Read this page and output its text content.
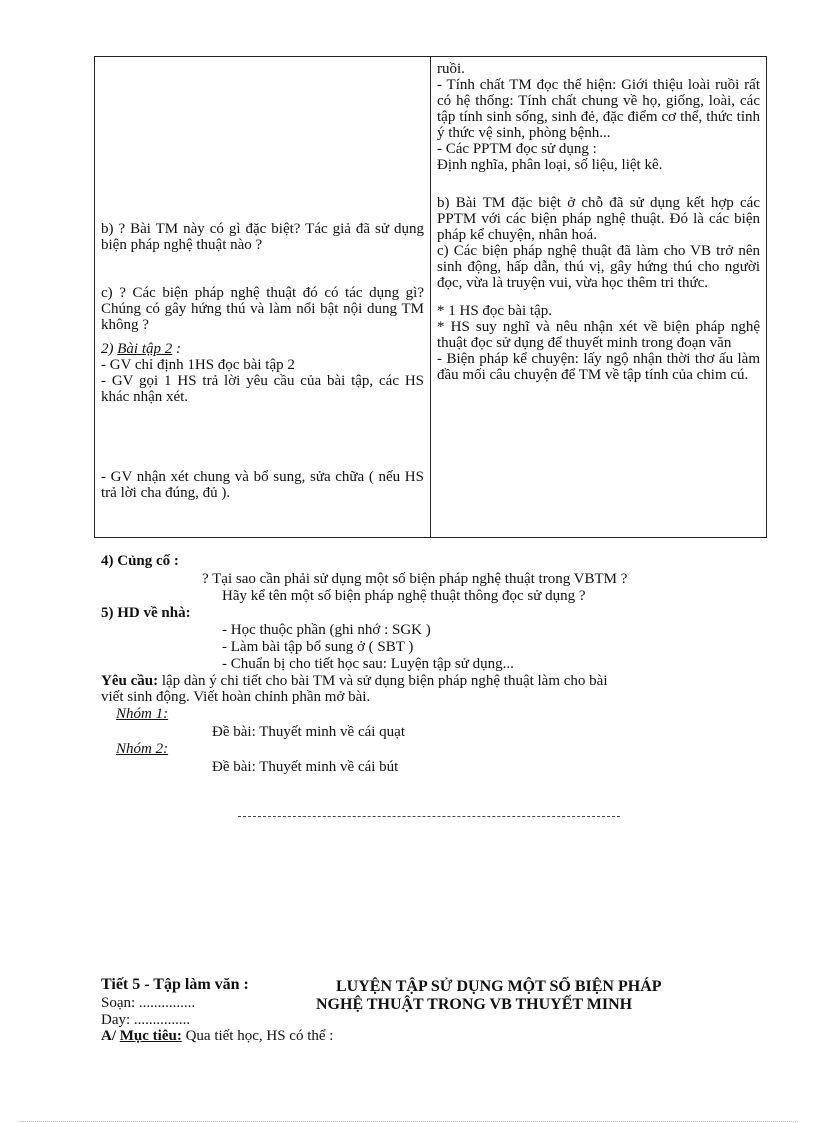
b) ? Bài TM này có gì đặc biệt? Tác giả đã sử dụng biện pháp nghệ thuật nào ?
c) ? Các biện pháp nghệ thuật đó có tác dụng gì? Chúng có gây hứng thú và làm nổi bật nội dung TM không ?
2) Bài tập 2 :
- GV chỉ định 1HS đọc bài tập 2
- GV gọi 1 HS trả lời yêu cầu của bài tập, các HS khác nhận xét.
- GV nhận xét chung và bổ sung, sửa chữa ( nếu HS trả lời cha đúng, đủ ).

ruồi.
- Tính chất TM đọc thể hiện: Giới thiệu loài ruồi rất có hệ thống: Tính chất chung về họ, giống, loài, các tập tính sinh sống, sinh đẻ, đặc điểm cơ thể, thức tỉnh ý thức vệ sinh, phòng bệnh...
- Các PPTM đọc sử dụng :
Định nghĩa, phân loại, số liệu, liệt kê.
b) Bài TM đặc biệt ở chỗ đã sử dụng kết hợp các PPTM với các biện pháp nghệ thuật. Đó là các biện pháp kể chuyện, nhân hoá.
c) Các biện pháp nghệ thuật đã làm cho VB trở nên sinh động, hấp dẫn, thú vị, gây hứng thú cho người đọc, vừa là truyện vui, vừa học thêm tri thức.
* 1 HS đọc bài tập.
* HS suy nghĩ và nêu nhận xét về biện pháp nghệ thuật đọc sử dụng để thuyết minh trong đoạn văn
- Biện pháp kể chuyện: lấy ngộ nhận thời thơ ấu làm đầu mối câu chuyện để TM về tập tính của chim cú.
4) Củng cố :
? Tại sao cần phải sử dụng một số biện pháp nghệ thuật trong VBTM ?
Hãy kể tên một số biện pháp nghệ thuật thông đọc sử dụng ?
5) HD về nhà:
- Học thuộc phần (ghi nhớ : SGK )
- Làm bài tập bổ sung ở ( SBT )
- Chuẩn bị cho tiết học sau: Luyện tập sử dụng...
Yêu cầu: lập dàn ý chi tiết cho bài TM và sử dụng biện pháp nghệ thuật làm cho bài
viết sinh động. Viết hoàn chỉnh phần mở bài.
Nhóm 1:
Đề bài: Thuyết minh về cái quạt
Nhóm 2:
Đề bài: Thuyết minh về cái bút
Tiết 5 - Tập làm văn :	LUYỆN TẬP SỬ DỤNG MỘT SỐ BIỆN PHÁP
NGHỆ THUẬT TRONG VB THUYẾT MINH
Soạn: ...............
Day: ...............
A/ Mục tiêu: Qua tiết học, HS có thể :
